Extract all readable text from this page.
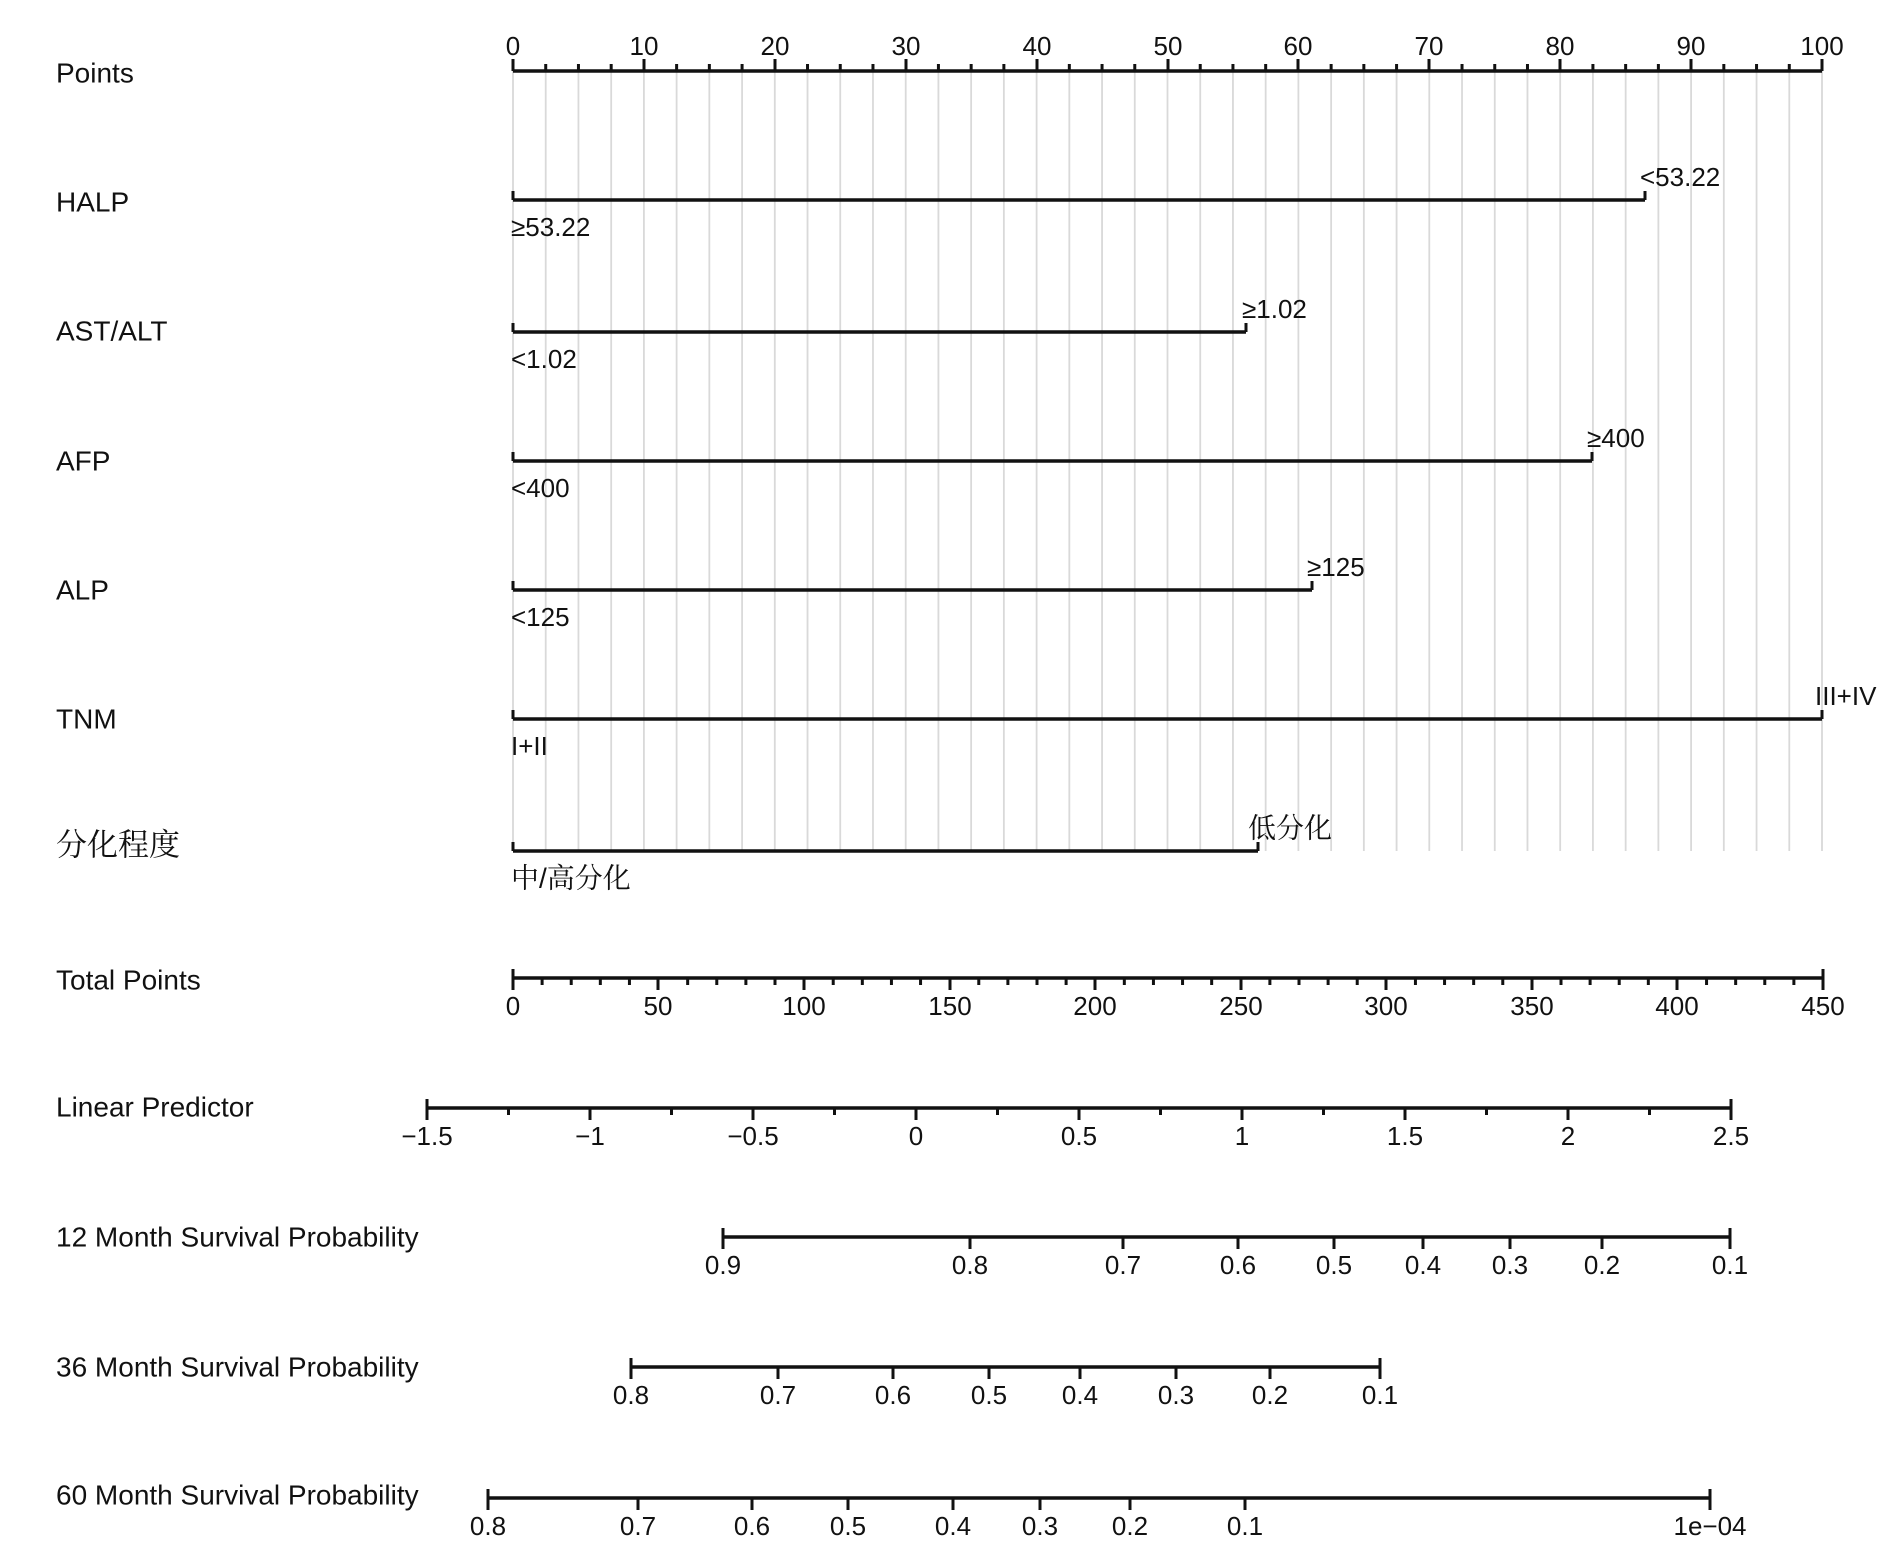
Points
0	10	20	30	40	50	60	70	80	90	100
HALP
<53.22
≥53.22
AST/ALT
≥1.02
<1.02
AFP
≥400
<400
ALP
≥125
<125
TNM
III+IV
I+II
分化程度	低分化
中/高分化
Total Points
0	50	100	150	200	250	300	350	400	450
Linear Predictor
−1.5	−1	−0.5	0	0.5	1	1.5	2	2.5
12 Month Survival Probability
0.9	0.8	0.7	0.6 0.5 0.4 0.3 0.2	0.1
36 Month Survival Probability
0.8	0.7	0.6 0.5 0.4 0.3 0.2	0.1
60 Month Survival Probability
0.8	0.7	0.6 0.5	0.4 0.3 0.2	0.1	1e−04
